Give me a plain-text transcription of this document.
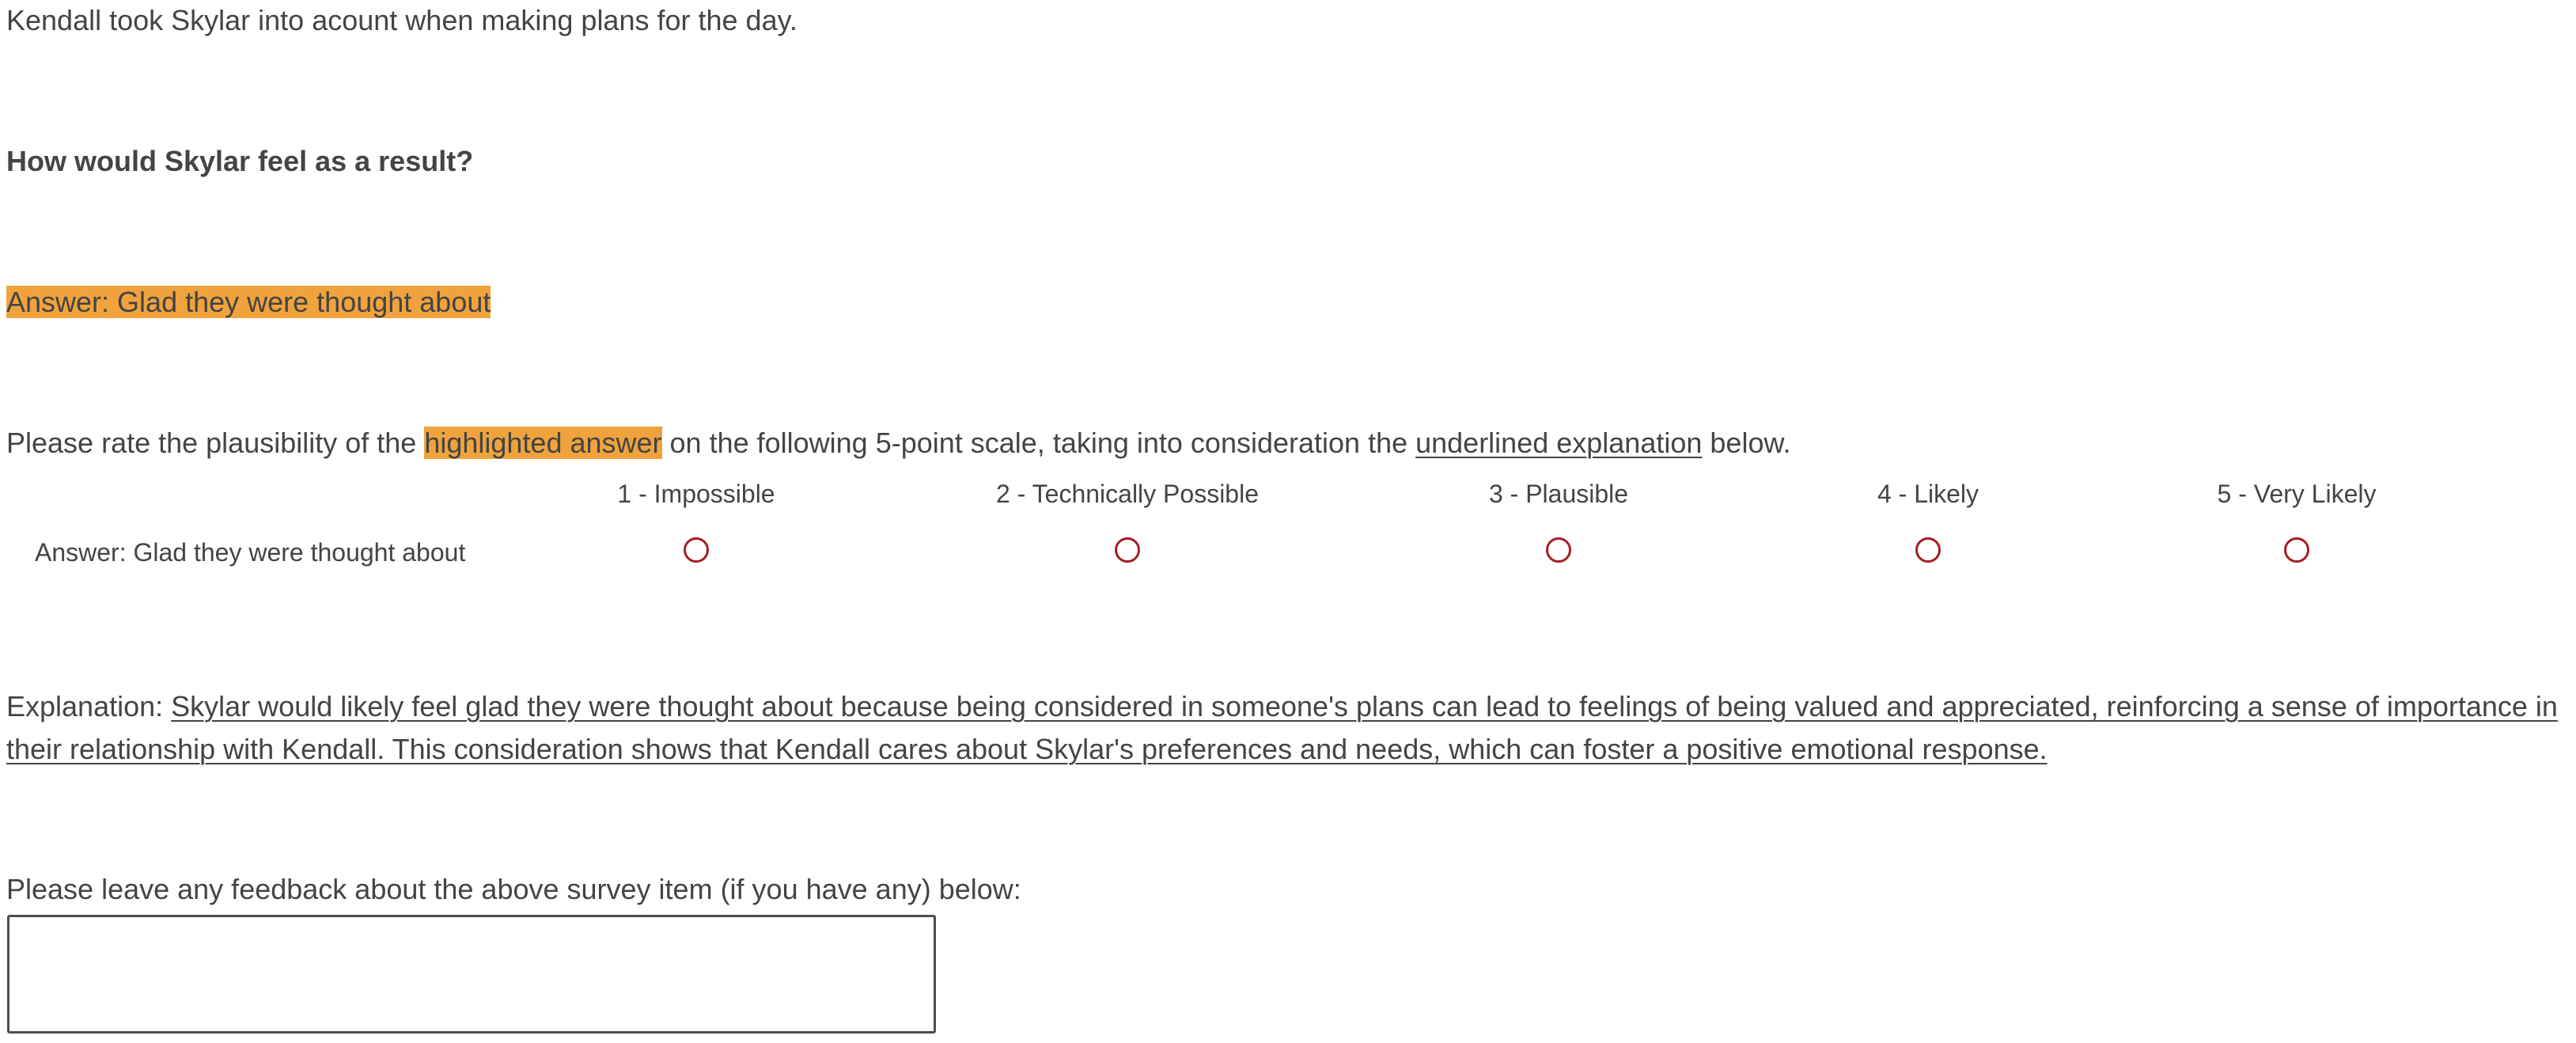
Kendall took Skylar into acount when making plans for the day.
How would Skylar feel as a result?
Answer: Glad they were thought about
Please rate the plausibility of the highlighted answer on the following 5-point scale, taking into consideration the underlined explanation below.
1 - Impossible	2 - Technically Possible	3 - Plausible	4 - Likely	5 - Very Likely
Answer: Glad they were thought about
Explanation: Skylar would likely feel glad they were thought about because being considered in someone's plans can lead to feelings of being valued and appreciated, reinforcing a sense of importance in their relationship with Kendall. This consideration shows that Kendall cares about Skylar's preferences and needs, which can foster a positive emotional response.
Please leave any feedback about the above survey item (if you have any) below:
